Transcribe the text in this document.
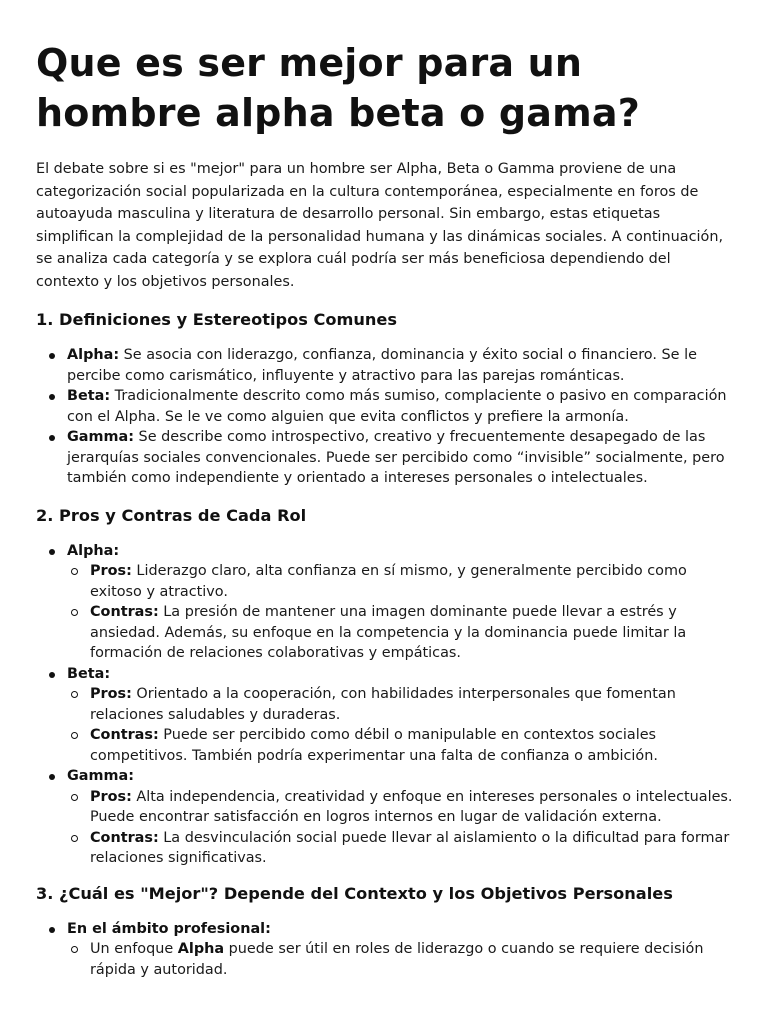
Que es ser mejor para un hombre alpha beta o gama?

El debate sobre si es "mejor" para un hombre ser Alpha, Beta o Gamma proviene de una categorización social popularizada en la cultura contemporánea, especialmente en foros de autoayuda masculina y literatura de desarrollo personal. Sin embargo, estas etiquetas simplifican la complejidad de la personalidad humana y las dinámicas sociales. A continuación, se analiza cada categoría y se explora cuál podría ser más beneficiosa dependiendo del contexto y los objetivos personales.

1. Definiciones y Estereotipos Comunes
Alpha: Se asocia con liderazgo, confianza, dominancia y éxito social o financiero. Se le percibe como carismático, influyente y atractivo para las parejas románticas.
Beta: Tradicionalmente descrito como más sumiso, complaciente o pasivo en comparación con el Alpha. Se le ve como alguien que evita conflictos y prefiere la armonía.
Gamma: Se describe como introspectivo, creativo y frecuentemente desapegado de las jerarquías sociales convencionales. Puede ser percibido como “invisible” socialmente, pero también como independiente y orientado a intereses personales o intelectuales.
2. Pros y Contras de Cada Rol
Alpha:
Pros: Liderazgo claro, alta confianza en sí mismo, y generalmente percibido como exitoso y atractivo.
Contras: La presión de mantener una imagen dominante puede llevar a estrés y ansiedad. Además, su enfoque en la competencia y la dominancia puede limitar la formación de relaciones colaborativas y empáticas.
Beta:
Pros: Orientado a la cooperación, con habilidades interpersonales que fomentan relaciones saludables y duraderas.
Contras: Puede ser percibido como débil o manipulable en contextos sociales competitivos. También podría experimentar una falta de confianza o ambición.
Gamma:
Pros: Alta independencia, creatividad y enfoque en intereses personales o intelectuales. Puede encontrar satisfacción en logros internos en lugar de validación externa.
Contras: La desvinculación social puede llevar al aislamiento o la dificultad para formar relaciones significativas.
3. ¿Cuál es "Mejor"? Depende del Contexto y los Objetivos Personales
En el ámbito profesional:
Un enfoque Alpha puede ser útil en roles de liderazgo o cuando se requiere decisión rápida y autoridad.
